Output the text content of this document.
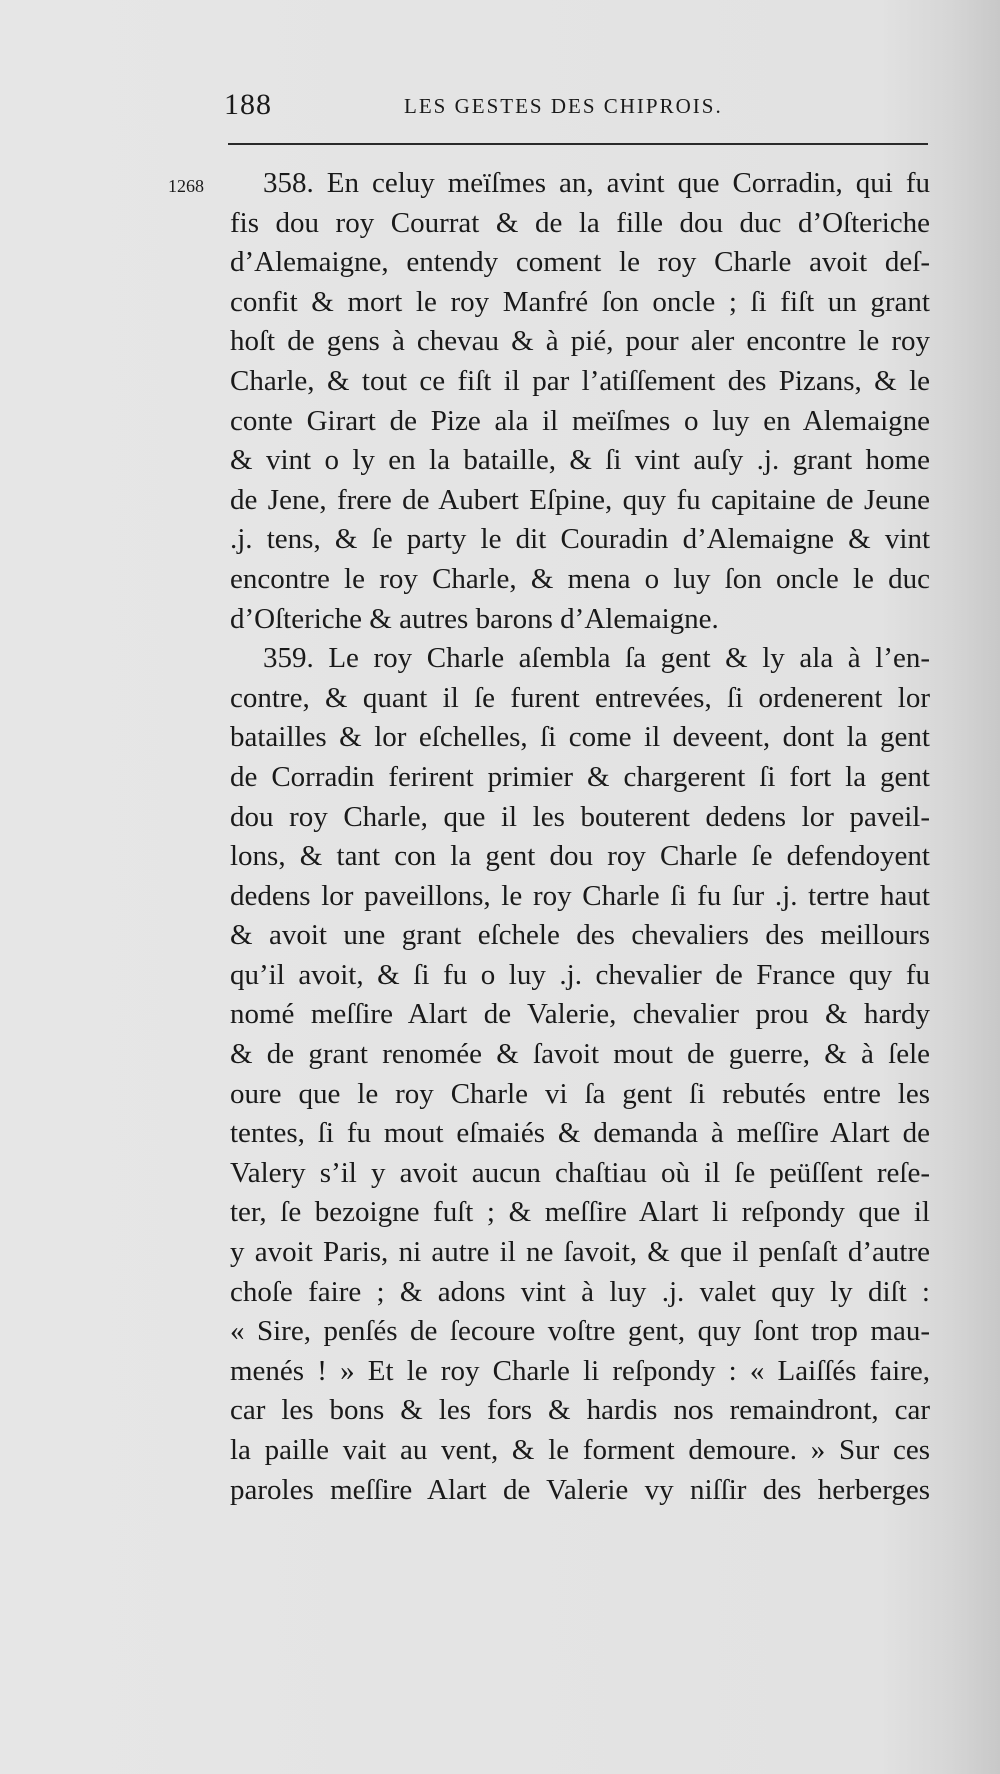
188	LES GESTES DES CHIPROIS.
1268	358. En celuy meïſmes an, avint que Corradin, qui fu
fis dou roy Courrat & de la fille dou duc d’Oſteriche
d’Alemaigne, entendy coment le roy Charle avoit deſ-
confit & mort le roy Manfré ſon oncle ; ſi fiſt un grant
hoſt de gens à chevau & à pié, pour aler encontre le roy
Charle, & tout ce fiſt il par l’atiſſement des Pizans, & le
conte Girart de Pize ala il meïſmes o luy en Alemaigne
& vint o ly en la bataille, & ſi vint auſy .j. grant home
de Jene, frere de Aubert Eſpine, quy fu capitaine de Jeune
.j. tens, & ſe party le dit Couradin d’Alemaigne & vint
encontre le roy Charle, & mena o luy ſon oncle le duc
d’Oſteriche & autres barons d’Alemaigne.
359. Le roy Charle aſembla ſa gent & ly ala à l’en-
contre, & quant il ſe furent entrevées, ſi ordenerent lor
batailles & lor eſchelles, ſi come il deveent, dont la gent
de Corradin ferirent primier & chargerent ſi fort la gent
dou roy Charle, que il les bouterent dedens lor paveil-
lons, & tant con la gent dou roy Charle ſe defendoyent
dedens lor paveillons, le roy Charle ſi fu ſur .j. tertre haut
& avoit une grant eſchele des chevaliers des meillours
qu’il avoit, & ſi fu o luy .j. chevalier de France quy fu
nomé meſſire Alart de Valerie, chevalier prou & hardy
& de grant renomée & ſavoit mout de guerre, & à ſele
oure que le roy Charle vi ſa gent ſi rebutés entre les
tentes, ſi fu mout eſmaiés & demanda à meſſire Alart de
Valery s’il y avoit aucun chaſtiau où il ſe peüſſent reſe-
ter, ſe bezoigne fuſt ; & meſſire Alart li reſpondy que il
y avoit Paris, ni autre il ne ſavoit, & que il penſaſt d’autre
choſe faire ; & adons vint à luy .j. valet quy ly diſt :
« Sire, penſés de ſecoure voſtre gent, quy ſont trop mau-
menés ! » Et le roy Charle li reſpondy : « Laiſſés faire,
car les bons & les fors & hardis nos remaindront, car
la paille vait au vent, & le forment demoure. » Sur ces
paroles meſſire Alart de Valerie vy niſſir des herberges
